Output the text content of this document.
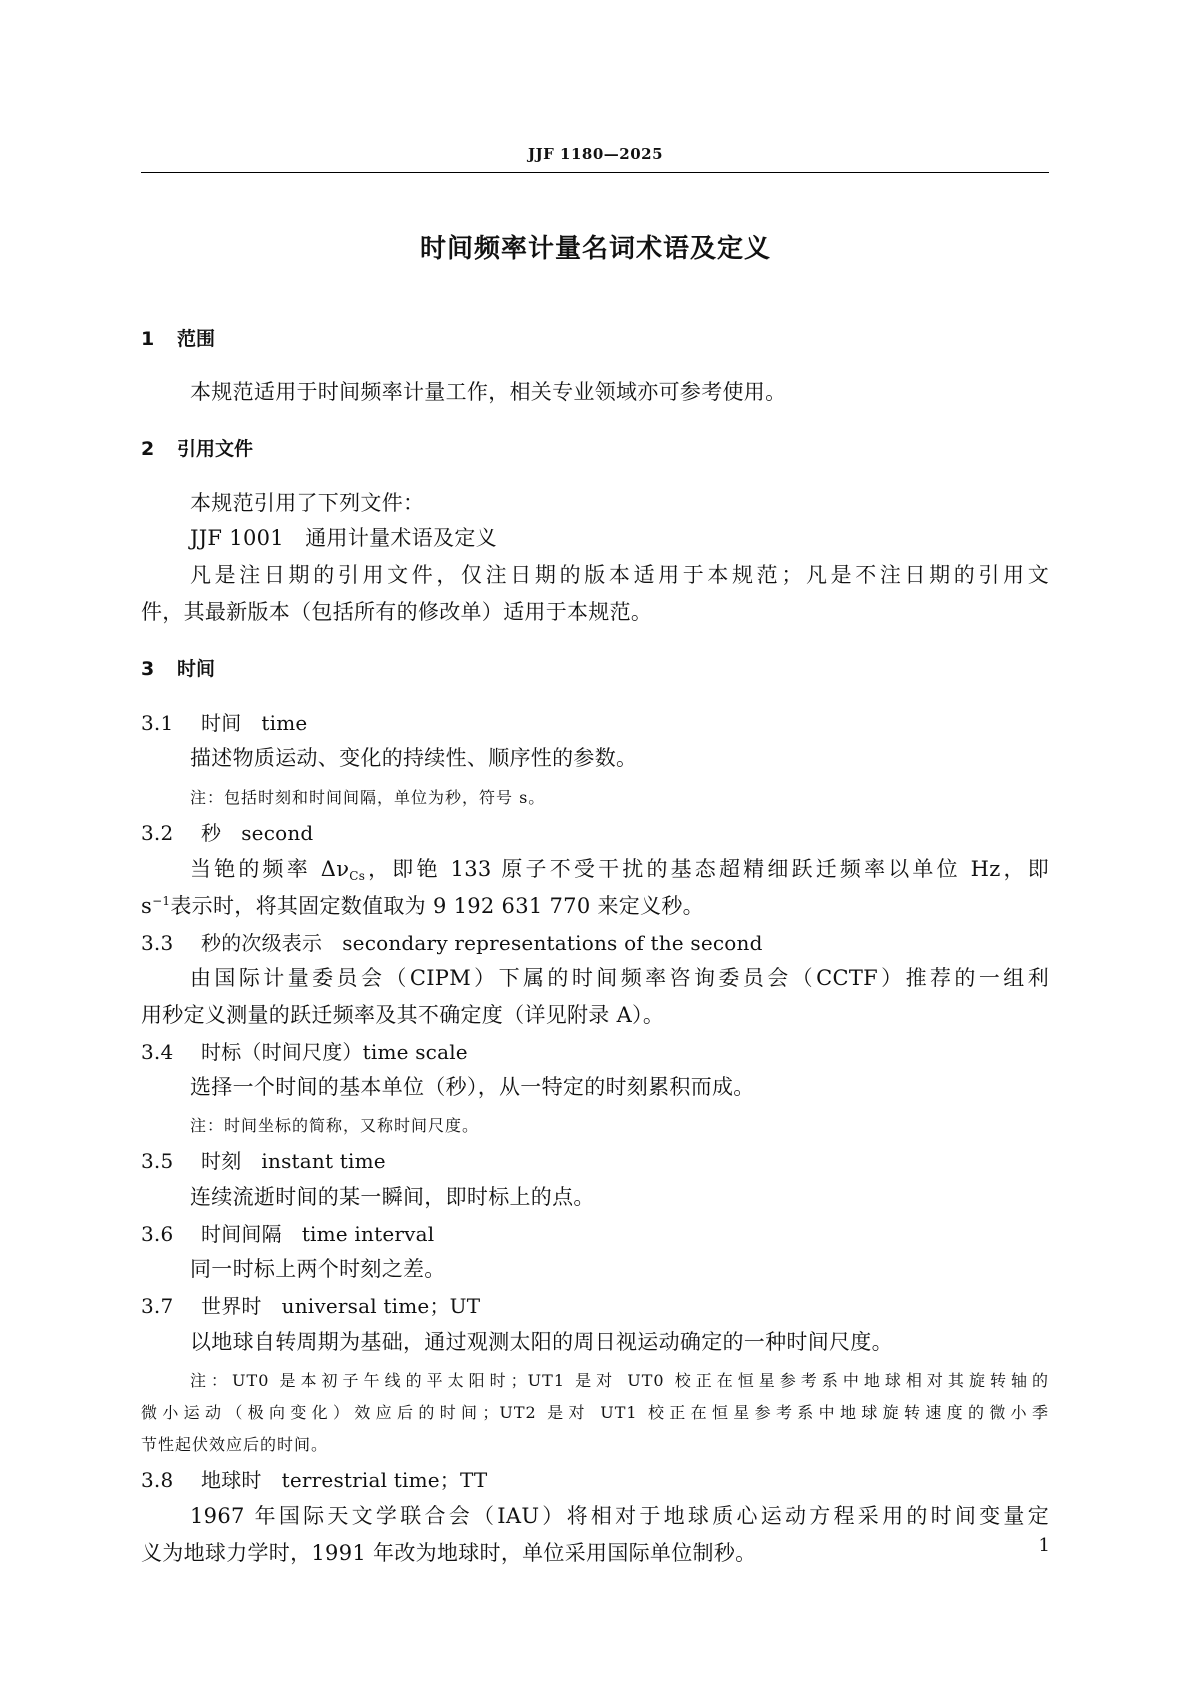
JJF 1180—2025
时间频率计量名词术语及定义
1 范围
本规范适用于时间频率计量工作，相关专业领域亦可参考使用。
2 引用文件
本规范引用了下列文件：
JJF 1001　通用计量术语及定义
凡是注日期的引用文件，仅注日期的版本适用于本规范；凡是不注日期的引用文
件，其最新版本（包括所有的修改单）适用于本规范。
3 时间
3.1 时间 time
描述物质运动、变化的持续性、顺序性的参数。
注：包括时刻和时间间隔，单位为秒，符号 s。
3.2 秒 second
当铯的频率 $\Delta\nu_{Cs}$，即铯 133 原子不受干扰的基态超精细跃迁频率以单位 Hz，即
$s^{-1}$表示时，将其固定数值取为 9 192 631 770 来定义秒。
3.3 秒的次级表示 secondary representations of the second
由国际计量委员会（CIPM）下属的时间频率咨询委员会（CCTF）推荐的一组利
用秒定义测量的跃迁频率及其不确定度（详见附录 A）。
3.4 时标（时间尺度）time scale
选择一个时间的基本单位（秒），从一特定的时刻累积而成。
注：时间坐标的简称，又称时间尺度。
3.5 时刻 instant time
连续流逝时间的某一瞬间，即时标上的点。
3.6 时间间隔 time interval
同一时标上两个时刻之差。
3.7 世界时 universal time；UT
以地球自转周期为基础，通过观测太阳的周日视运动确定的一种时间尺度。
注：UT0 是本初子午线的平太阳时；UT1 是对 UT0 校正在恒星参考系中地球相对其旋转轴的
微小运动（极向变化）效应后的时间；UT2 是对 UT1 校正在恒星参考系中地球旋转速度的微小季
节性起伏效应后的时间。
3.8 地球时 terrestrial time；TT
1967 年国际天文学联合会（IAU）将相对于地球质心运动方程采用的时间变量定
义为地球力学时，1991 年改为地球时，单位采用国际单位制秒。	1
